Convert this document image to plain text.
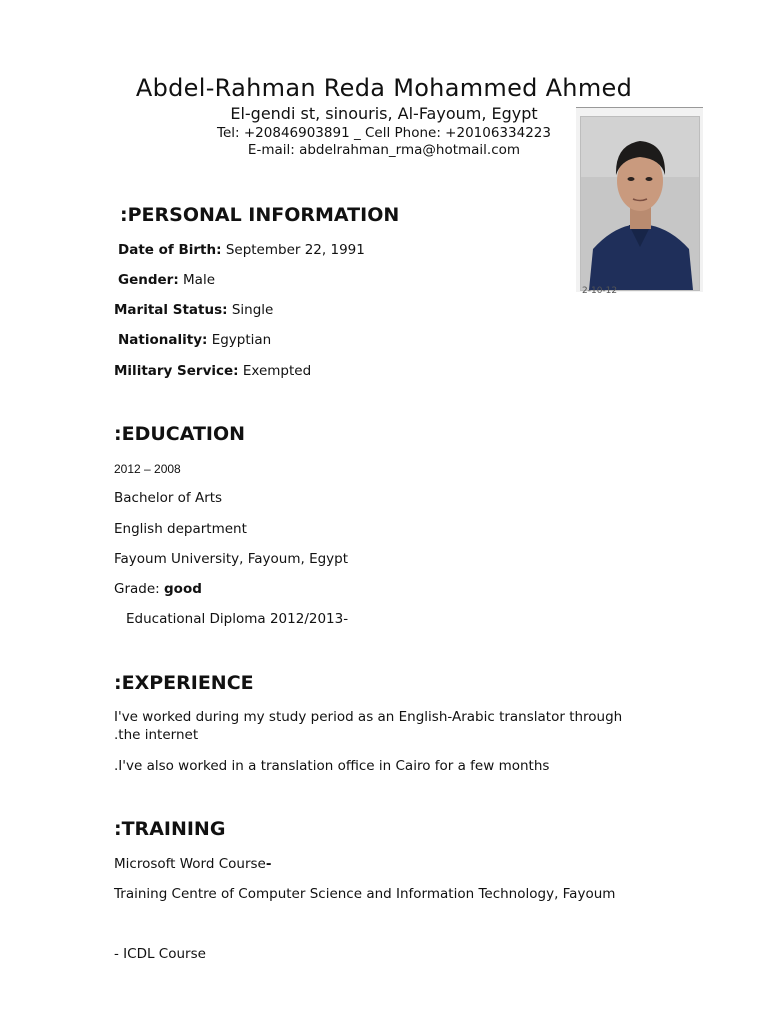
Abdel-Rahman Reda Mohammed Ahmed
El-gendi st, sinouris, Al-Fayoum, Egypt
Tel: +20846903891 _ Cell Phone: +20106334223
E-mail: abdelrahman_rma@hotmail.com
2-10-12
:PERSONAL INFORMATION
Date of Birth: September 22, 1991
Gender: Male
Marital Status: Single
Nationality: Egyptian
Military Service: Exempted
:EDUCATION
2012 – 2008
Bachelor of Arts
English department
Fayoum University, Fayoum, Egypt
Grade: good
Educational Diploma 2012/2013-
:EXPERIENCE
I've worked during my study period as an English-Arabic translator through
.the internet
.I've also worked in a translation office in Cairo for a few months
:TRAINING
Microsoft Word Course-
Training Centre of Computer Science and Information Technology, Fayoum
- ICDL Course
